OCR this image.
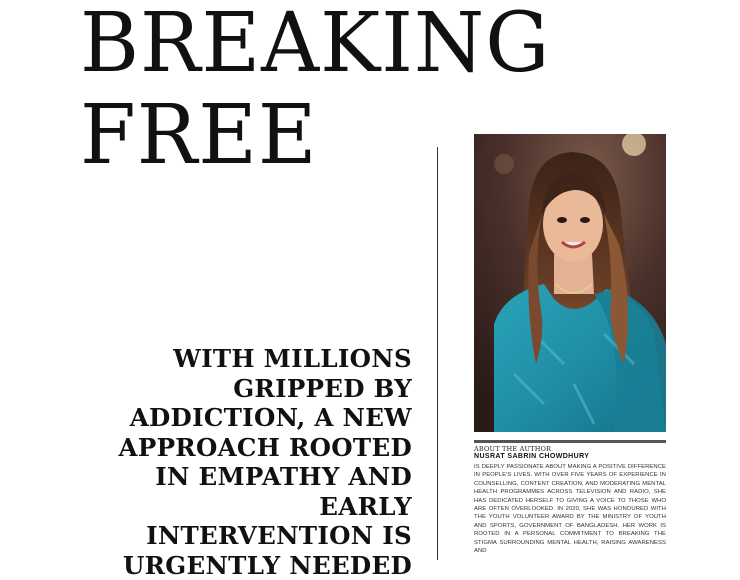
BREAKING
FREE

WITH MILLIONS GRIPPED BY ADDICTION, A NEW APPROACH ROOTED IN EMPATHY AND EARLY INTERVENTION IS URGENTLY NEEDED

ABOUT THE AUTHOR

NUSRAT SABRIN CHOWDHURY

IS DEEPLY PASSIONATE ABOUT MAKING A POSITIVE DIFFERENCE IN PEOPLE'S LIVES. WITH OVER FIVE YEARS OF EXPERIENCE IN COUNSELLING, CONTENT CREATION, AND MODERATING MENTAL HEALTH PROGRAMMES ACROSS TELEVISION AND RADIO, SHE HAS DEDICATED HERSELF TO GIVING A VOICE TO THOSE WHO ARE OFTEN OVERLOOKED. IN 2020, SHE WAS HONOURED WITH THE YOUTH VOLUNTEER AWARD BY THE MINISTRY OF YOUTH AND SPORTS, GOVERNMENT OF BANGLADESH. HER WORK IS ROOTED IN A PERSONAL COMMITMENT TO BREAKING THE STIGMA SURROUNDING MENTAL HEALTH, RAISING AWARENESS AND
